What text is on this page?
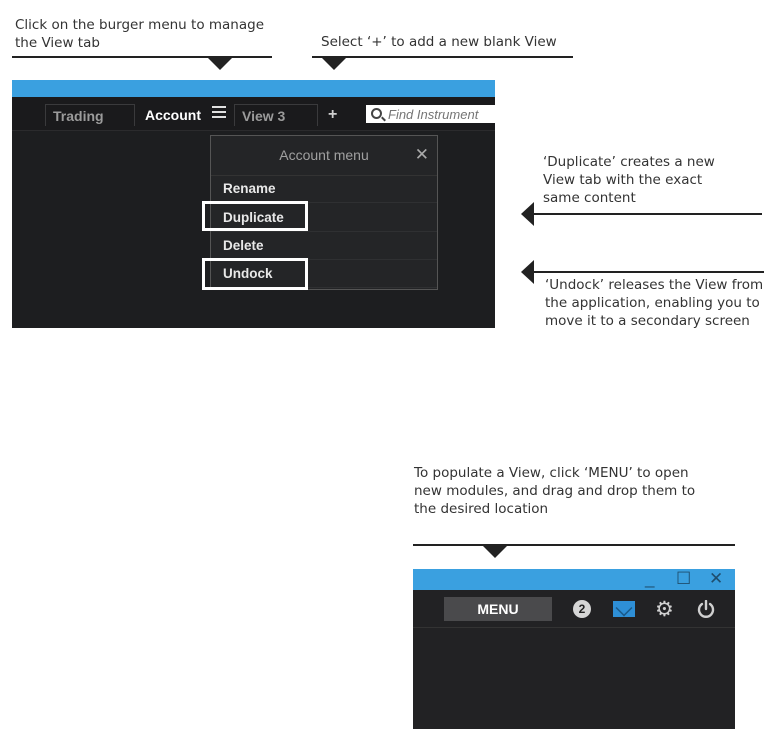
Click on the burger menu to manage
the View tab	Select ‘+’ to add a new blank View
‘Duplicate’ creates a new
View tab with the exact
same content
‘Undock’ releases the View from
the application, enabling you to
move it to a secondary screen
To populate a View, click ‘MENU’ to open
new modules, and drag and drop them to
the desired location
Trading	Account	View 3	+
Find Instrument
Account menu	✕
Rename
Duplicate
Delete
Undock
_ ☐ ✕
MENU	2	⚙
